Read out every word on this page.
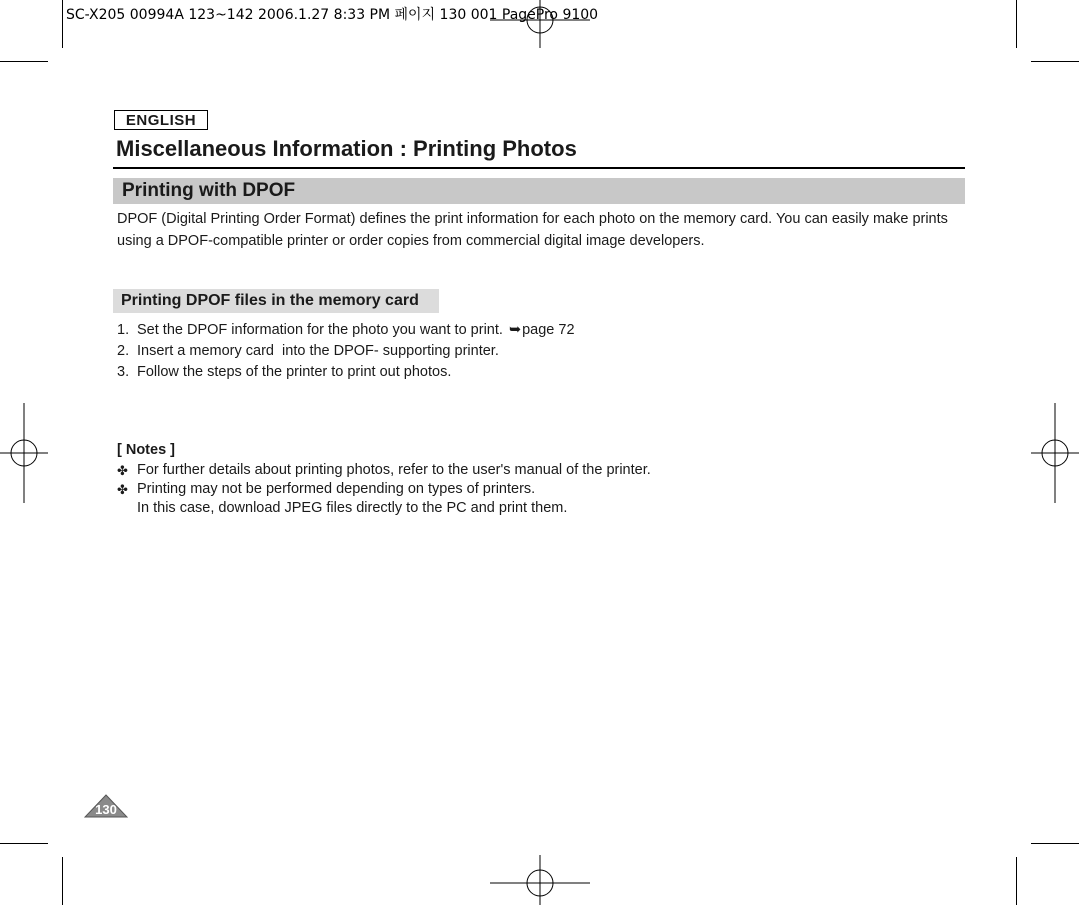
SC-X205 00994A 123~142 2006.1.27 8:33 PM 페이지 130 001 PagePro 9100
ENGLISH
Miscellaneous Information : Printing Photos
Printing with DPOF
DPOF (Digital Printing Order Format) defines the print information for each photo on the memory card. You can easily make prints using a DPOF-compatible printer or order copies from commercial digital image developers.
Printing DPOF files in the memory card
1. Set the DPOF information for the photo you want to print. ➥ page 72
2. Insert a memory card  into the DPOF- supporting printer.
3. Follow the steps of the printer to print out photos.
[ Notes ]
✤ For further details about printing photos, refer to the user's manual of the printer.
✤ Printing may not be performed depending on types of printers.
In this case, download JPEG files directly to the PC and print them.
130
